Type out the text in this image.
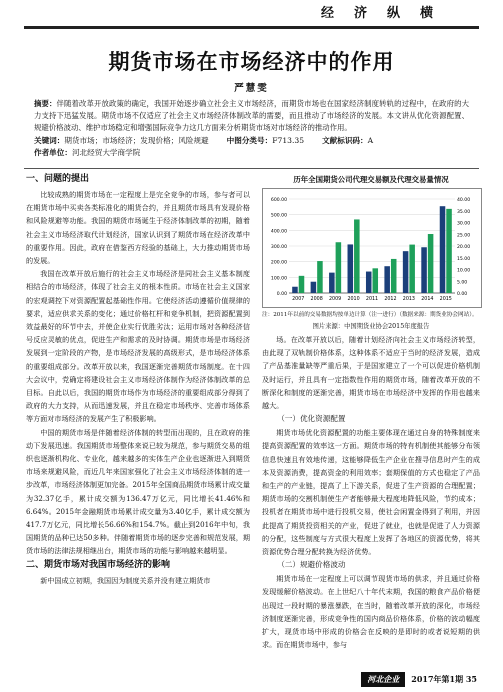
经济纵横
期货市场在市场经济中的作用
严慧雯

摘要：伴随着改革开放政策的确定，我国开始逐步确立社会主义市场经济，而期货市场也在国家经济制度转轨的过程中，在政府的大力支持下迅猛发展。期货市场不仅适应了社会主义市场经济体制改革的需要，而且推动了市场经济的发展。本文讲从优化资源配置、规避价格波动、维护市场稳定和增强国际竞争力这几方面来分析期货市场对市场经济的推动作用。

关键词：期货市场；市场经济；发现价格；风险规避 中图分类号：F713.35 文献标识码：A
作者单位：河北经贸大学商学院
一、问题的提出

比较成熟的期货市场在一定程度上是完全竞争的市场，参与者可以在期货市场中买卖各类标准化的期货合约，并且期货市场具有发现价格和风险规避等功能。我国的期货市场诞生于经济体制改革的初期，随着社会主义市场经济取代计划经济，国家认识到了期货市场在经济改革中的重要作用。因此，政府在借鉴西方经验的基础上，大力推动期货市场的发展。

我国在改革开放后施行的社会主义市场经济是同社会主义基本制度相结合的市场经济，体现了社会主义的根本性质。市场在社会主义国家的宏观调控下对资源配置起基础性作用。它使经济活动遵循价值规律的要求，适应供求关系的变化；通过价格杠杆和竞争机制，把资源配置到效益最好的环节中去，并使企业实行优胜劣汰；运用市场对各种经济信号反应灵敏的优点，促进生产和需求的及时协调。期货市场是市场经济发展到一定阶段的产物，是市场经济发展的高级形式，是市场经济体系的重要组成部分。改革开放以来，我国逐渐完善期货市场制度。在十四大会议中，党确定将建设社会主义市场经济体制作为经济体制改革的总目标。自此以后，我国的期货市场作为市场经济的重要组成部分得到了政府的大力支持，从而迅速发展，并且在稳定市场秩序、完善市场体系等方面对市场经济的发展产生了积极影响。

中国的期货市场是伴随着经济体制的转型而出现的，且在政府的推动下发展迅速。我国期货市场整体来说已较为规范，参与期货交易的组织也逐渐机构化、专业化，越来越多的实体生产企业也逐渐进入到期货市场来规避风险，而近几年来国家强化了社会主义市场经济体制的进一步改革，市场经济体制更加完备。2015年全国商品期货市场累计成交量为32.37亿手，累计成交额为136.47万亿元，同比增长41.46%和6.64%。2015年金融期货市场累计成交量为3.40亿手，累计成交额为417.7万亿元，同比增长56.66%和154.7%。截止到2016年中旬，我国期货的品种已达50多种。伴随着期货市场的逐步完善和规范发展，期货市场的法律法规相继出台，期货市场的功能与影响越来越明显。

二、期货市场对我国市场经济的影响

新中国成立初期，我国因为制度关系并没有建立期货市

历年全国期货公司代理交易额及代理交易量情况
0.00
100.00
200.00
300.00
400.00
500.00
600.00
0.00
5.00
10.00
15.00
20.00
25.00
30.00
35.00
40.00
2007 2008 2009 2010 2011 2012 2013 2014 2015
注：2011年以前的交易数据均按单边计算（注一进行）（数据来源：期货业协会网站）。
图片来源：中国期货业协会2015年度报告

场。在改革开放以后，随着计划经济向社会主义市场经济转型，由此现了双轨制价格体系，这种体系不适应于当时的经济发展，造成了产品基准量缺等严重后果，于是国家建立了一个可以促进价格机制及时运行，并且具有一定指数性作用的期货市场，随着改革开放的不断深化和制度的逐渐完善，期货市场在市场经济中发挥的作用也越来越大。

（一）优化资源配置

期货市场优化资源配置的功能主要体现在通过自身的特殊制度来提高资源配置的效率这一方面。期货市场的特有机制使其能够分布领信息快速且有效地传递，这能够降低生产企业在搜寻信息时产生的成本及资源消费，提高资金的利用效率；套期保值的方式也稳定了产品和生产的产业链，提高了上下游关系，促进了生产资源的合理配置；期货市场的交割机制使生产者能够最大程度地降低风险，节约成本；投机者在期货市场中进行投机交易，使社会闲置金得到了利用，并因此提高了期货投资相关的产业，促进了就业，也就是促进了人力资源的分配，这些制度与方式很大程度上发挥了各地区的资源优势，将其资源优势合理分配转换为经济优势。

（二）规避价格波动

期货市场在一定程度上可以调节现货市场的供求，并且通过价格发现缓解价格波动。在上世纪八十年代末期，我国的粮食产品价格便出现过一段时期的暴涨暴跌，在当时，随着改革开放的深化，市场经济制度逐渐完善，形成竞争性的国内商品价格体系，价格的波动幅度扩大，现货市场中形成的价格会在反映的是即时的或者说短期的供求。而在期货市场中，参与

河北企业	2017年第1期 35
